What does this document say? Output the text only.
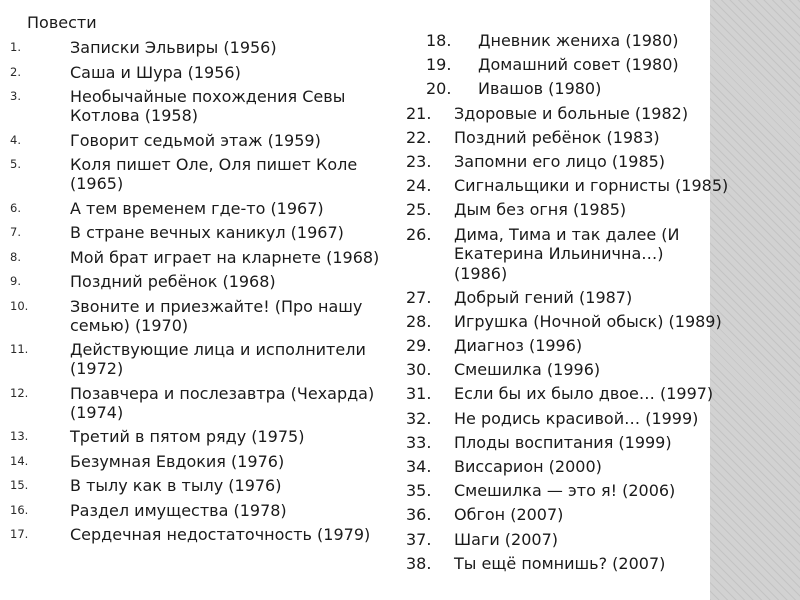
Повести
1.	Записки Эльвиры (1956)
2.	Саша и Шура (1956)
3.	Необычайные похождения Севы Котлова (1958)
4.	Говорит седьмой этаж (1959)
5.	Коля пишет Оле, Оля пишет Коле (1965)
6.	А тем временем где-то (1967)
7.	В стране вечных каникул (1967)
8.	Мой брат играет на кларнете (1968)
9.	Поздний ребёнок (1968)
10.	Звоните и приезжайте! (Про нашу семью) (1970)
11.	Действующие лица и исполнители (1972)
12.	Позавчера и послезавтра (Чехарда) (1974)
13.	Третий в пятом ряду (1975)
14.	Безумная Евдокия (1976)
15.	В тылу как в тылу (1976)
16.	Раздел имущества (1978)
17.	Сердечная недостаточность (1979)
18.	Дневник жениха (1980)
19.	Домашний совет (1980)
20.	Ивашов (1980)
21.	Здоровые и больные (1982)
22.	Поздний ребёнок (1983)
23.	Запомни его лицо (1985)
24.	Сигнальщики и горнисты (1985)
25.	Дым без огня (1985)
26.	Дима, Тима и так далее (И Екатерина Ильинична…)(1986)
27.	Добрый гений (1987)
28.	Игрушка (Ночной обыск) (1989)
29.	Диагноз (1996)
30.	Смешилка (1996)
31.	Если бы их было двое… (1997)
32.	Не родись красивой… (1999)
33.	Плоды воспитания (1999)
34.	Виссарион (2000)
35.	Смешилка — это я! (2006)
36.	Обгон (2007)
37.	Шаги (2007)
38.	Ты ещё помнишь? (2007)
